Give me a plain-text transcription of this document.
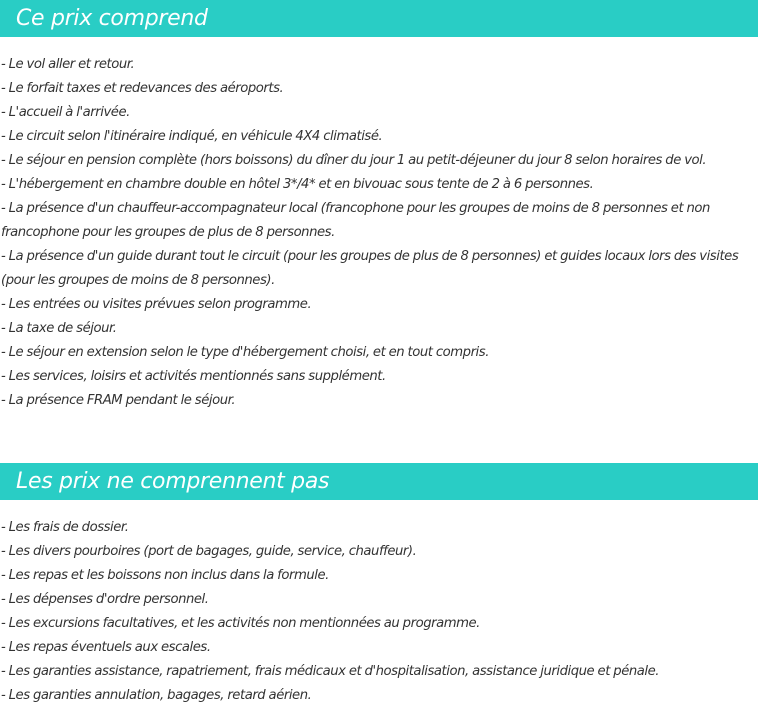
Ce prix comprend
- Le vol aller et retour.
- Le forfait taxes et redevances des aéroports.
- L'accueil à l'arrivée.
- Le circuit selon l'itinéraire indiqué, en véhicule 4X4 climatisé.
- Le séjour en pension complète (hors boissons) du dîner du jour 1 au petit-déjeuner du jour 8 selon horaires de vol.
- L'hébergement en chambre double en hôtel 3*/4* et en bivouac sous tente de 2 à 6 personnes.
- La présence d'un chauffeur-accompagnateur local (francophone pour les groupes de moins de 8 personnes et non francophone pour les groupes de plus de 8 personnes.
- La présence d'un guide durant tout le circuit (pour les groupes de plus de 8 personnes) et guides locaux lors des visites (pour les groupes de moins de 8 personnes).
- Les entrées ou visites prévues selon programme.
- La taxe de séjour.
- Le séjour en extension selon le type d'hébergement choisi, et en tout compris.
- Les services, loisirs et activités mentionnés sans supplément.
- La présence FRAM pendant le séjour.
Les prix ne comprennent pas
- Les frais de dossier.
- Les divers pourboires (port de bagages, guide, service, chauffeur).
- Les repas et les boissons non inclus dans la formule.
- Les dépenses d'ordre personnel.
- Les excursions facultatives, et les activités non mentionnées au programme.
- Les repas éventuels aux escales.
- Les garanties assistance, rapatriement, frais médicaux et d'hospitalisation, assistance juridique et pénale.
- Les garanties annulation, bagages, retard aérien.
